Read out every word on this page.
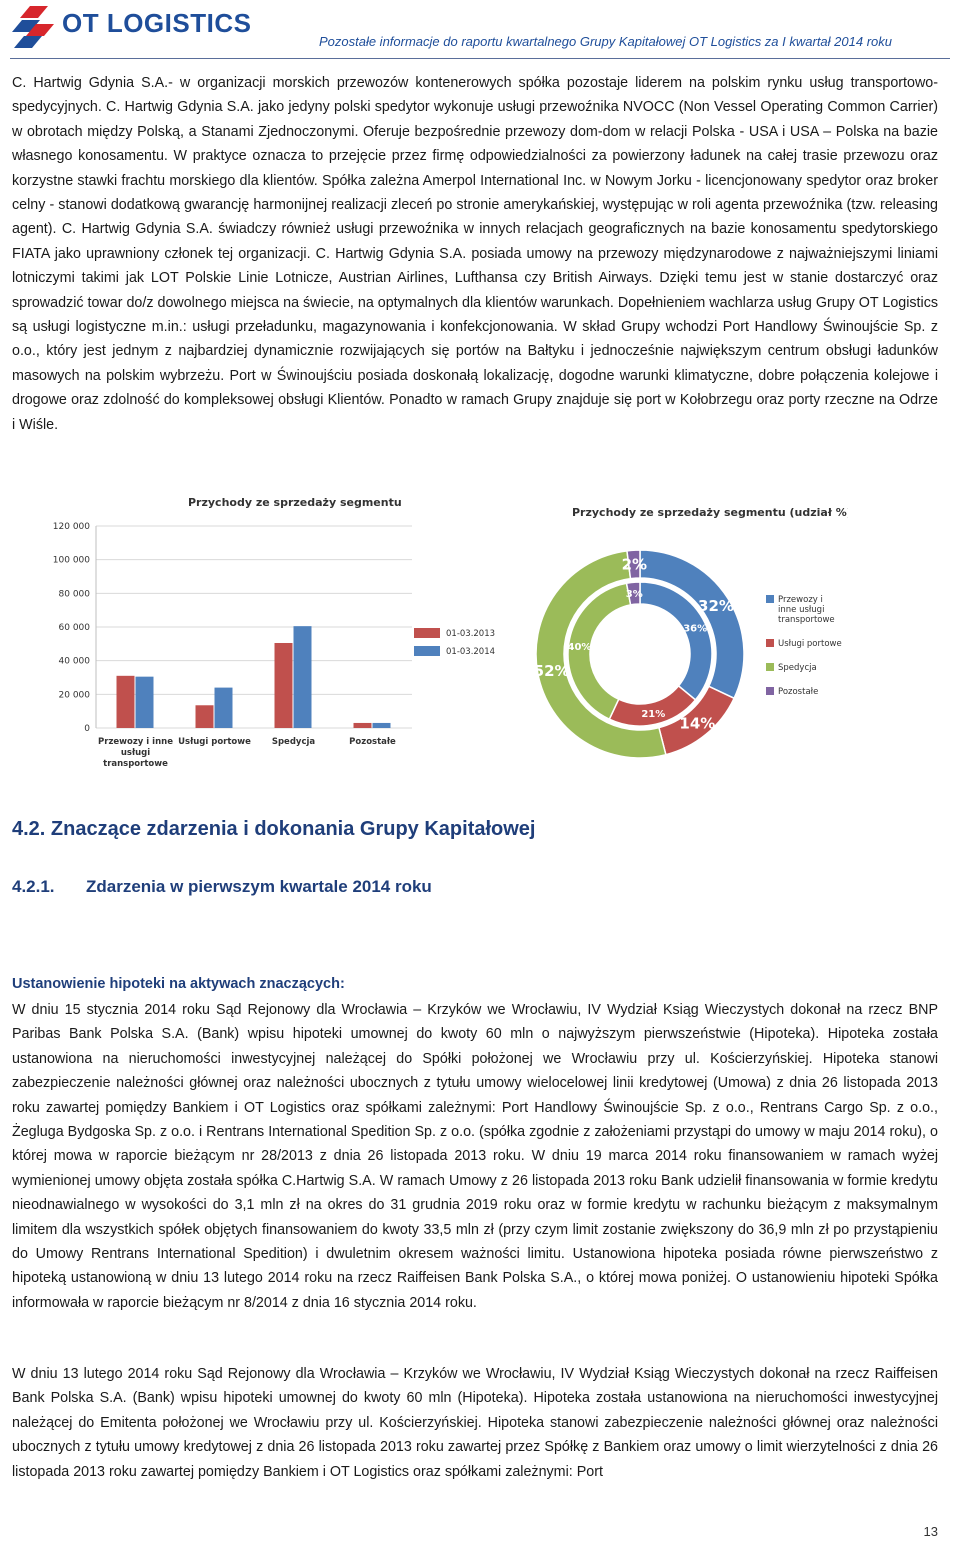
OT LOGISTICS
Pozostałe informacje do raportu kwartalnego Grupy Kapitałowej OT Logistics za I kwartał 2014 roku

C. Hartwig Gdynia S.A.- w organizacji morskich przewozów kontenerowych spółka pozostaje liderem na polskim rynku usług transportowo-spedycyjnych. C. Hartwig Gdynia S.A. jako jedyny polski spedytor wykonuje usługi przewoźnika NVOCC (Non Vessel Operating Common Carrier) w obrotach między Polską, a Stanami Zjednoczonymi. Oferuje bezpośrednie przewozy dom-dom w relacji Polska - USA i USA – Polska na bazie własnego konosamentu. W praktyce oznacza to przejęcie przez firmę odpowiedzialności za powierzony ładunek na całej trasie przewozu oraz korzystne stawki frachtu morskiego dla klientów. Spółka zależna Amerpol International Inc. w Nowym Jorku - licencjonowany spedytor oraz broker celny - stanowi dodatkową gwarancję harmonijnej realizacji zleceń po stronie amerykańskiej, występując w roli agenta przewoźnika (tzw. releasing agent). C. Hartwig Gdynia S.A. świadczy również usługi przewoźnika w innych relacjach geograficznych na bazie konosamentu spedytorskiego FIATA jako uprawniony członek tej organizacji. C. Hartwig Gdynia S.A. posiada umowy na przewozy międzynarodowe z najważniejszymi liniami lotniczymi takimi jak LOT Polskie Linie Lotnicze, Austrian Airlines, Lufthansa czy British Airways. Dzięki temu jest w stanie dostarczyć oraz sprowadzić towar do/z dowolnego miejsca na świecie, na optymalnych dla klientów warunkach. Dopełnieniem wachlarza usług Grupy OT Logistics są usługi logistyczne m.in.: usługi przeładunku, magazynowania i konfekcjonowania. W skład Grupy wchodzi Port Handlowy Świnoujście Sp. z o.o., który jest jednym z najbardziej dynamicznie rozwijających się portów na Bałtyku i jednocześnie największym centrum obsługi ładunków masowych na polskim wybrzeżu. Port w Świnoujściu posiada doskonałą lokalizację, dogodne warunki klimatyczne, dobre połączenia kolejowe i drogowe oraz zdolność do kompleksowej obsługi Klientów. Ponadto w ramach Grupy znajduje się port w Kołobrzegu oraz porty rzeczne na Odrze i Wiśle.

Przychody ze sprzedaży segmentu
0
20 000
40 000
60 000
80 000
100 000
120 000
Przewozy i inne
usługi
transportowe
Usługi portowe Spedycja	Pozostałe
01-03.2013
01-03.2014
Przychody ze sprzedaży segmentu (udział %)
32%
14%
52%
2%
36%
21%
40%
3%
Przewozy i
inne usługi
transportowe
Usługi portowe
Spedycja
Pozostałe
4.2. Znaczące zdarzenia i dokonania Grupy Kapitałowej
4.2.1. Zdarzenia w pierwszym kwartale 2014 roku
Ustanowienie hipoteki na aktywach znaczących:

W dniu 15 stycznia 2014 roku Sąd Rejonowy dla Wrocławia – Krzyków we Wrocławiu, IV Wydział Ksiąg Wieczystych dokonał na rzecz BNP Paribas Bank Polska S.A. (Bank) wpisu hipoteki umownej do kwoty 60 mln o najwyższym pierwszeństwie (Hipoteka). Hipoteka została ustanowiona na nieruchomości inwestycyjnej należącej do Spółki położonej we Wrocławiu przy ul. Kościerzyńskiej. Hipoteka stanowi zabezpieczenie należności głównej oraz należności ubocznych z tytułu umowy wielocelowej linii kredytowej (Umowa) z dnia 26 listopada 2013 roku zawartej pomiędzy Bankiem i OT Logistics oraz spółkami zależnymi: Port Handlowy Świnoujście Sp. z o.o., Rentrans Cargo Sp. z o.o., Żegluga Bydgoska Sp. z o.o. i Rentrans International Spedition Sp. z o.o. (spółka zgodnie z założeniami przystąpi do umowy w maju 2014 roku), o której mowa w raporcie bieżącym nr 28/2013 z dnia 26 listopada 2013 roku. W dniu 19 marca 2014 roku finansowaniem w ramach wyżej wymienionej umowy objęta została spółka C.Hartwig S.A. W ramach Umowy z 26 listopada 2013 roku Bank udzielił finansowania w formie kredytu nieodnawialnego w wysokości do 3,1 mln zł na okres do 31 grudnia 2019 roku oraz w formie kredytu w rachunku bieżącym z maksymalnym limitem dla wszystkich spółek objętych finansowaniem do kwoty 33,5 mln zł (przy czym limit zostanie zwiększony do 36,9 mln zł po przystąpieniu do Umowy Rentrans International Spedition) i dwuletnim okresem ważności limitu. Ustanowiona hipoteka posiada równe pierwszeństwo z hipoteką ustanowioną w dniu 13 lutego 2014 roku na rzecz Raiffeisen Bank Polska S.A., o której mowa poniżej. O ustanowieniu hipoteki Spółka informowała w raporcie bieżącym nr 8/2014 z dnia 16 stycznia 2014 roku.

W dniu 13 lutego 2014 roku Sąd Rejonowy dla Wrocławia – Krzyków we Wrocławiu, IV Wydział Ksiąg Wieczystych dokonał na rzecz Raiffeisen Bank Polska S.A. (Bank) wpisu hipoteki umownej do kwoty 60 mln (Hipoteka). Hipoteka została ustanowiona na nieruchomości inwestycyjnej należącej do Emitenta położonej we Wrocławiu przy ul. Kościerzyńskiej. Hipoteka stanowi zabezpieczenie należności głównej oraz należności ubocznych z tytułu umowy kredytowej z dnia 26 listopada 2013 roku zawartej przez Spółkę z Bankiem oraz umowy o limit wierzytelności z dnia 26 listopada 2013 roku zawartej pomiędzy Bankiem i OT Logistics oraz spółkami zależnymi: Port

13
